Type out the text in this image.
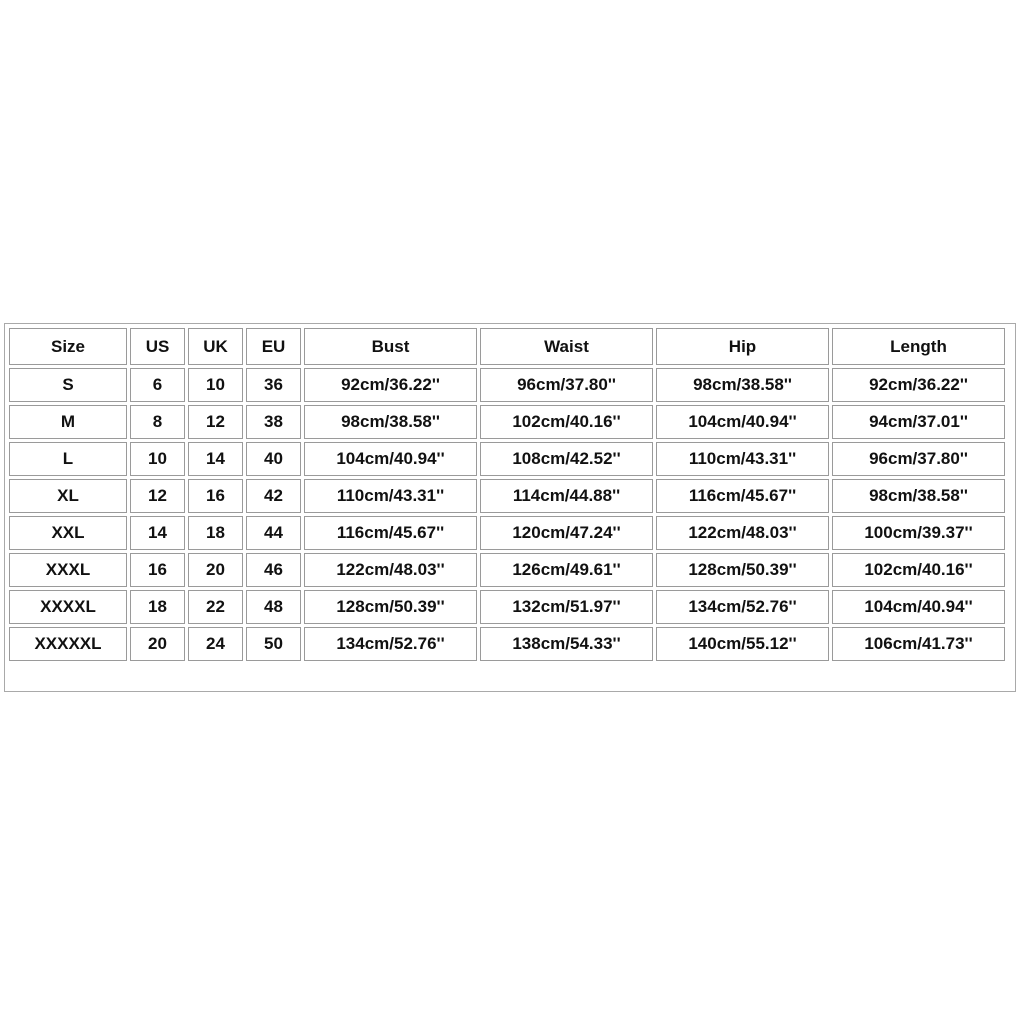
Size	US	UK	EU	Bust	Waist	Hip	Length
S	6	10	36	92cm/36.22''	96cm/37.80''	98cm/38.58''	92cm/36.22''
M	8	12	38	98cm/38.58''	102cm/40.16''	104cm/40.94''	94cm/37.01''
L	10	14	40	104cm/40.94''	108cm/42.52''	110cm/43.31''	96cm/37.80''
XL	12	16	42	110cm/43.31''	114cm/44.88''	116cm/45.67''	98cm/38.58''
XXL	14	18	44	116cm/45.67''	120cm/47.24''	122cm/48.03''	100cm/39.37''
XXXL	16	20	46	122cm/48.03''	126cm/49.61''	128cm/50.39''	102cm/40.16''
XXXXL	18	22	48	128cm/50.39''	132cm/51.97''	134cm/52.76''	104cm/40.94''
XXXXXL	20	24	50	134cm/52.76''	138cm/54.33''	140cm/55.12''	106cm/41.73''
